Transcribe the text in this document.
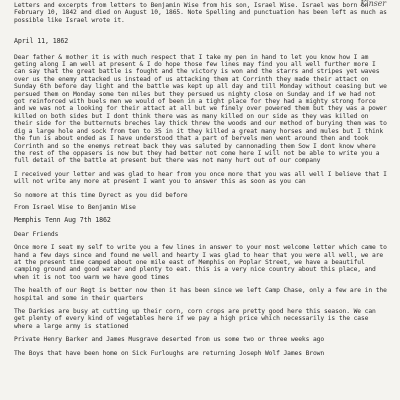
Kinser

Letters and excerpts from letters to Benjamin Wise from his son, Israel Wise. Israel was born on February 10, 1842 and died on August 10, 1865. Note Spelling and punctuation has been left as much as possible like Israel wrote it.

April 11, 1862

Dear father & mother it is with much respect that I take my pen in hand to let you know how I am geting along I am well at present & I do hope those few lines may find you all well further more I can say that the great battle is fought and the victory is won and the starrs and stripes yet waves over us the enemy attacked us instead of us attacking them at Corrinth they made their attact on Sunday 6th before day light and the battle was kept up all day and till Monday without ceasing but we persued them on Monday some ten miles but they persued us nighty close on Sunday and if we had not got reinforced with buels men we would of been in a tight place for they had a mighty strong force and we was not a looking for their attact at all but we finely over powered them but they was a power killed on both sides but I dont think there was as many killed on our side as they was killed on their side for the butternuts breches lay thick threw the woods and our method of burying them was to dig a large hole and sock from ten to 35 in it they killed a great many horses and mules but I think the fun is about ended as I have understood that a part of bervels men went around then and took Corrinth and so the enemys retreat back they was saluted by cannonading them Sow I dont know where the rest of the oppasers is now but they had better not come here I will not be able to write you a full detail of the battle at present but there was not many hurt out of our company

I received your letter and was glad to hear from you once more that you was all well I believe that I will not write any more at present I want you to answer this as soon as you can

So nomore at this time Dyrect as you did before

From Israel Wise to Benjamin Wise

Memphis Tenn Aug 7th 1862

Dear Friends

Once more I seat my self to write you a few lines in answer to your most welcome letter which came to hand a few days since and found me well and hearty I was glad to hear that you were all well, we are at the present time camped about one mile east of Memphis on Poplar Street, we have a beautiful camping ground and good water and plenty to eat. this is a very nice country about this place, and when it is not too warm we have good times

The health of our Regt is better now then it has been since we left Camp Chase, only a few are in the hospital and some in their quarters

The Darkies are busy at cutting up their corn, corn crops are pretty good here this season. We can get plenty of every kind of vegetables here if we pay a high price which necessarily is the case where a large army is stationed

Private Henry Barker and James Musgrave deserted from us some two or three weeks ago

The Boys that have been home on Sick Furloughs are returning Joseph Wolf James Brown
